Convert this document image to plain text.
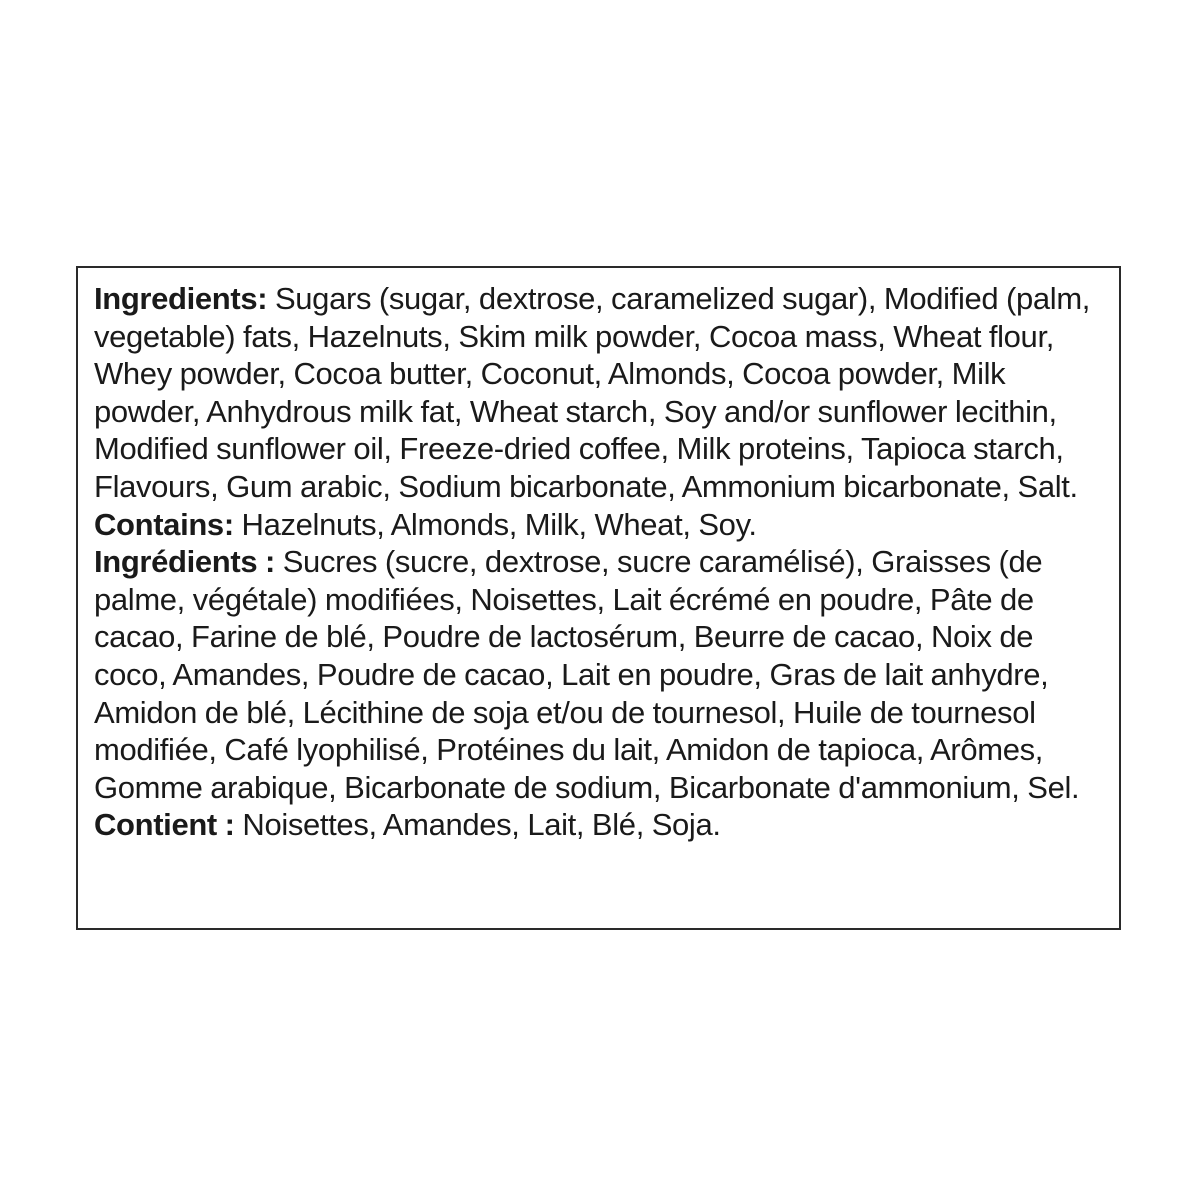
Ingredients: Sugars (sugar, dextrose, caramelized sugar), Modified (palm, vegetable) fats, Hazelnuts, Skim milk powder, Cocoa mass, Wheat flour, Whey powder, Cocoa butter, Coconut, Almonds, Cocoa powder, Milk powder, Anhydrous milk fat, Wheat starch, Soy and/or sunflower lecithin, Modified sunflower oil, Freeze-dried coffee, Milk proteins, Tapioca starch, Flavours, Gum arabic, Sodium bicarbonate, Ammonium bicarbonate, Salt. Contains: Hazelnuts, Almonds, Milk, Wheat, Soy.

Ingrédients : Sucres (sucre, dextrose, sucre caramélisé), Graisses (de palme, végétale) modifiées, Noisettes, Lait écrémé en poudre, Pâte de cacao, Farine de blé, Poudre de lactosérum, Beurre de cacao, Noix de coco, Amandes, Poudre de cacao, Lait en poudre, Gras de lait anhydre, Amidon de blé, Lécithine de soja et/ou de tournesol, Huile de tournesol modifiée, Café lyophilisé, Protéines du lait, Amidon de tapioca, Arômes, Gomme arabique, Bicarbonate de sodium, Bicarbonate d'ammonium, Sel. Contient : Noisettes, Amandes, Lait, Blé, Soja.
